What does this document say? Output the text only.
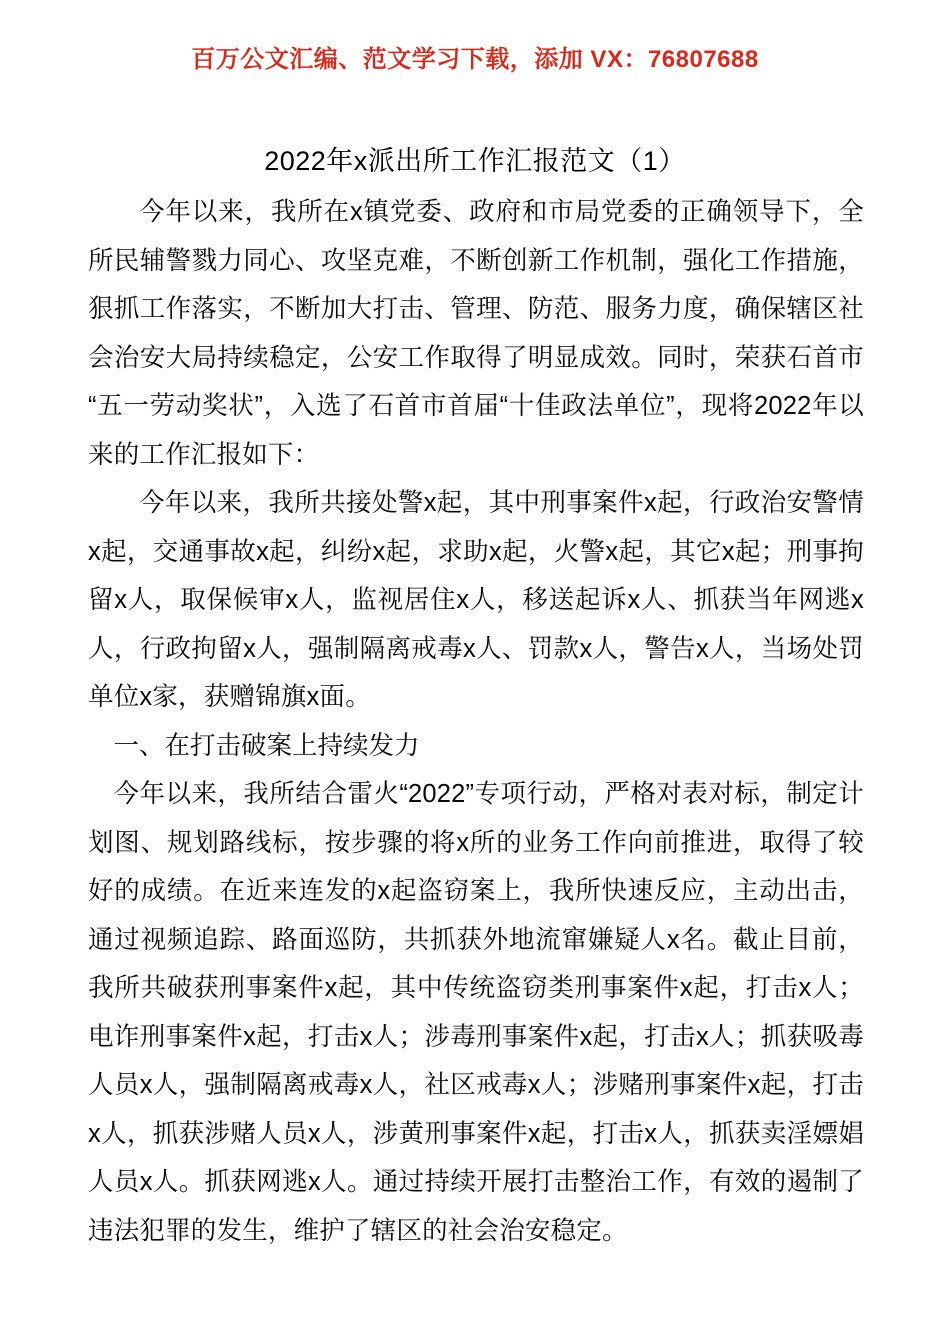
百万公文汇编、范文学习下载，添加 VX：76807688
2022年x派出所工作汇报范文（1）

今年以来，我所在x镇党委、政府和市局党委的正确领导下，全所民辅警戮力同心、攻坚克难，不断创新工作机制，强化工作措施，狠抓工作落实，不断加大打击、管理、防范、服务力度，确保辖区社会治安大局持续稳定，公安工作取得了明显成效。同时，荣获石首市“五一劳动奖状”，入选了石首市首届“十佳政法单位”，现将2022年以来的工作汇报如下：

今年以来，我所共接处警x起，其中刑事案件x起，行政治安警情x起，交通事故x起，纠纷x起，求助x起，火警x起，其它x起；刑事拘留x人，取保候审x人，监视居住x人，移送起诉x人、抓获当年网逃x人，行政拘留x人，强制隔离戒毒x人、罚款x人，警告x人，当场处罚单位x家，获赠锦旗x面。

一、在打击破案上持续发力

今年以来，我所结合雷火“2022”专项行动，严格对表对标，制定计划图、规划路线标，按步骤的将x所的业务工作向前推进，取得了较好的成绩。在近来连发的x起盗窃案上，我所快速反应，主动出击，通过视频追踪、路面巡防，共抓获外地流窜嫌疑人x名。截止目前，我所共破获刑事案件x起，其中传统盗窃类刑事案件x起，打击x人；电诈刑事案件x起，打击x人；涉毒刑事案件x起，打击x人；抓获吸毒人员x人，强制隔离戒毒x人，社区戒毒x人；涉赌刑事案件x起，打击x人，抓获涉赌人员x人，涉黄刑事案件x起，打击x人，抓获卖淫嫖娼人员x人。抓获网逃x人。通过持续开展打击整治工作，有效的遏制了违法犯罪的发生，维护了辖区的社会治安稳定。
